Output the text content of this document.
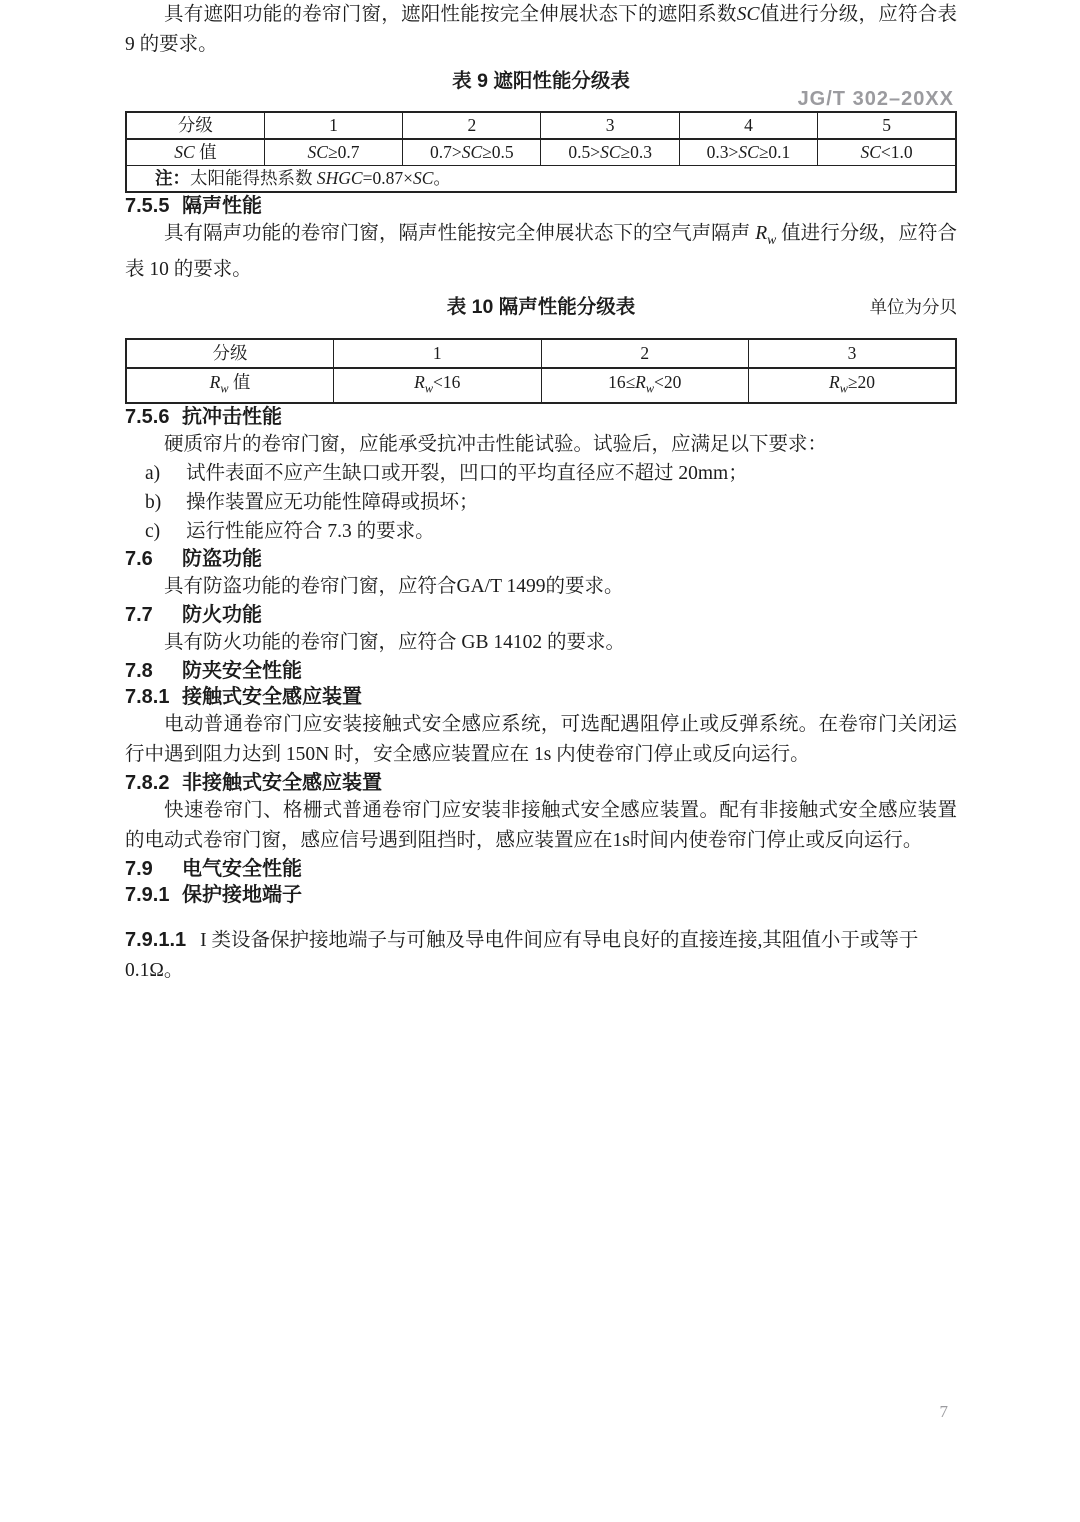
JG/T 302–20XX

具有遮阳功能的卷帘门窗，遮阳性能按完全伸展状态下的遮阳系数SC值进行分级，应符合表9 的要求。

表 9 遮阳性能分级表
分级	1	2	3	4	5
SC 值	SC≥0.7	0.7>SC≥0.5	0.5>SC≥0.3	0.3>SC≥0.1	SC<1.0
注：太阳能得热系数 SHGC=0.87×SC。					
7.5.5 隔声性能

具有隔声功能的卷帘门窗，隔声性能按完全伸展状态下的空气声隔声 $R_w$ 值进行分级，应符合表 10 的要求。

表 10 隔声性能分级表	单位为分贝
分级	1	2	3
$R_w$ 值	$R_w<16$	$16\le R_w<20$	$R_w\ge 20$
7.5.6 抗冲击性能

硬质帘片的卷帘门窗，应能承受抗冲击性能试验。试验后，应满足以下要求：

a)	试件表面不应产生缺口或开裂，凹口的平均直径应不超过 20mm；
b)	操作装置应无功能性障碍或损坏；
c)	运行性能应符合 7.3 的要求。
7.6 防盗功能

具有防盗功能的卷帘门窗，应符合GA/T 1499的要求。

7.7 防火功能

具有防火功能的卷帘门窗，应符合 GB 14102 的要求。

7.8 防夹安全性能
7.8.1 接触式安全感应装置

电动普通卷帘门应安装接触式安全感应系统，可选配遇阻停止或反弹系统。在卷帘门关闭运行中遇到阻力达到 150N 时，安全感应装置应在 1s 内使卷帘门停止或反向运行。

7.8.2 非接触式安全感应装置

快速卷帘门、格栅式普通卷帘门应安装非接触式安全感应装置。配有非接触式安全感应装置的电动式卷帘门窗，感应信号遇到阻挡时，感应装置应在1s时间内使卷帘门停止或反向运行。

7.9 电气安全性能
7.9.1 保护接地端子

7.9.1.1 I 类设备保护接地端子与可触及导电件间应有导电良好的直接连接,其阻值小于或等于 0.1Ω。

7
